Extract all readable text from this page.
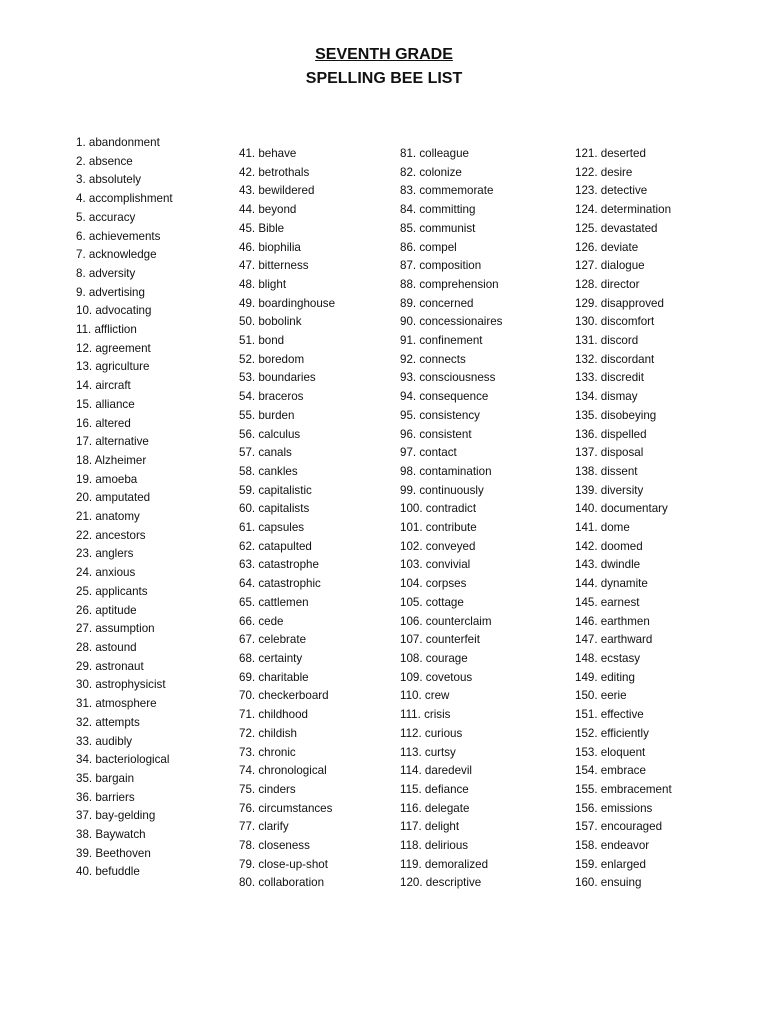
SEVENTH GRADE
SPELLING BEE LIST
1. abandonment
2. absence
3. absolutely
4. accomplishment
5. accuracy
6. achievements
7. acknowledge
8. adversity
9. advertising
10. advocating
11. affliction
12. agreement
13. agriculture
14. aircraft
15. alliance
16. altered
17. alternative
18. Alzheimer
19. amoeba
20. amputated
21. anatomy
22. ancestors
23. anglers
24. anxious
25. applicants
26. aptitude
27. assumption
28. astound
29. astronaut
30. astrophysicist
31. atmosphere
32. attempts
33. audibly
34. bacteriological
35. bargain
36. barriers
37. bay-gelding
38. Baywatch
39. Beethoven
40. befuddle
41. behave
42. betrothals
43. bewildered
44. beyond
45. Bible
46. biophilia
47. bitterness
48. blight
49. boardinghouse
50. bobolink
51. bond
52. boredom
53. boundaries
54. braceros
55. burden
56. calculus
57. canals
58. cankles
59. capitalistic
60. capitalists
61. capsules
62. catapulted
63. catastrophe
64. catastrophic
65. cattlemen
66. cede
67. celebrate
68. certainty
69. charitable
70. checkerboard
71. childhood
72. childish
73. chronic
74. chronological
75. cinders
76. circumstances
77. clarify
78. closeness
79. close-up-shot
80. collaboration
81. colleague
82. colonize
83. commemorate
84. committing
85. communist
86. compel
87. composition
88. comprehension
89. concerned
90. concessionaires
91. confinement
92. connects
93. consciousness
94. consequence
95. consistency
96. consistent
97. contact
98. contamination
99. continuously
100. contradict
101. contribute
102. conveyed
103. convivial
104. corpses
105. cottage
106. counterclaim
107. counterfeit
108. courage
109. covetous
110. crew
111. crisis
112. curious
113. curtsy
114. daredevil
115. defiance
116. delegate
117. delight
118. delirious
119. demoralized
120. descriptive
121. deserted
122. desire
123. detective
124. determination
125. devastated
126. deviate
127. dialogue
128. director
129. disapproved
130. discomfort
131. discord
132. discordant
133. discredit
134. dismay
135. disobeying
136. dispelled
137. disposal
138. dissent
139. diversity
140. documentary
141. dome
142. doomed
143. dwindle
144. dynamite
145. earnest
146. earthmen
147. earthward
148. ecstasy
149. editing
150. eerie
151. effective
152. efficiently
153. eloquent
154. embrace
155. embracement
156. emissions
157. encouraged
158. endeavor
159. enlarged
160. ensuing
